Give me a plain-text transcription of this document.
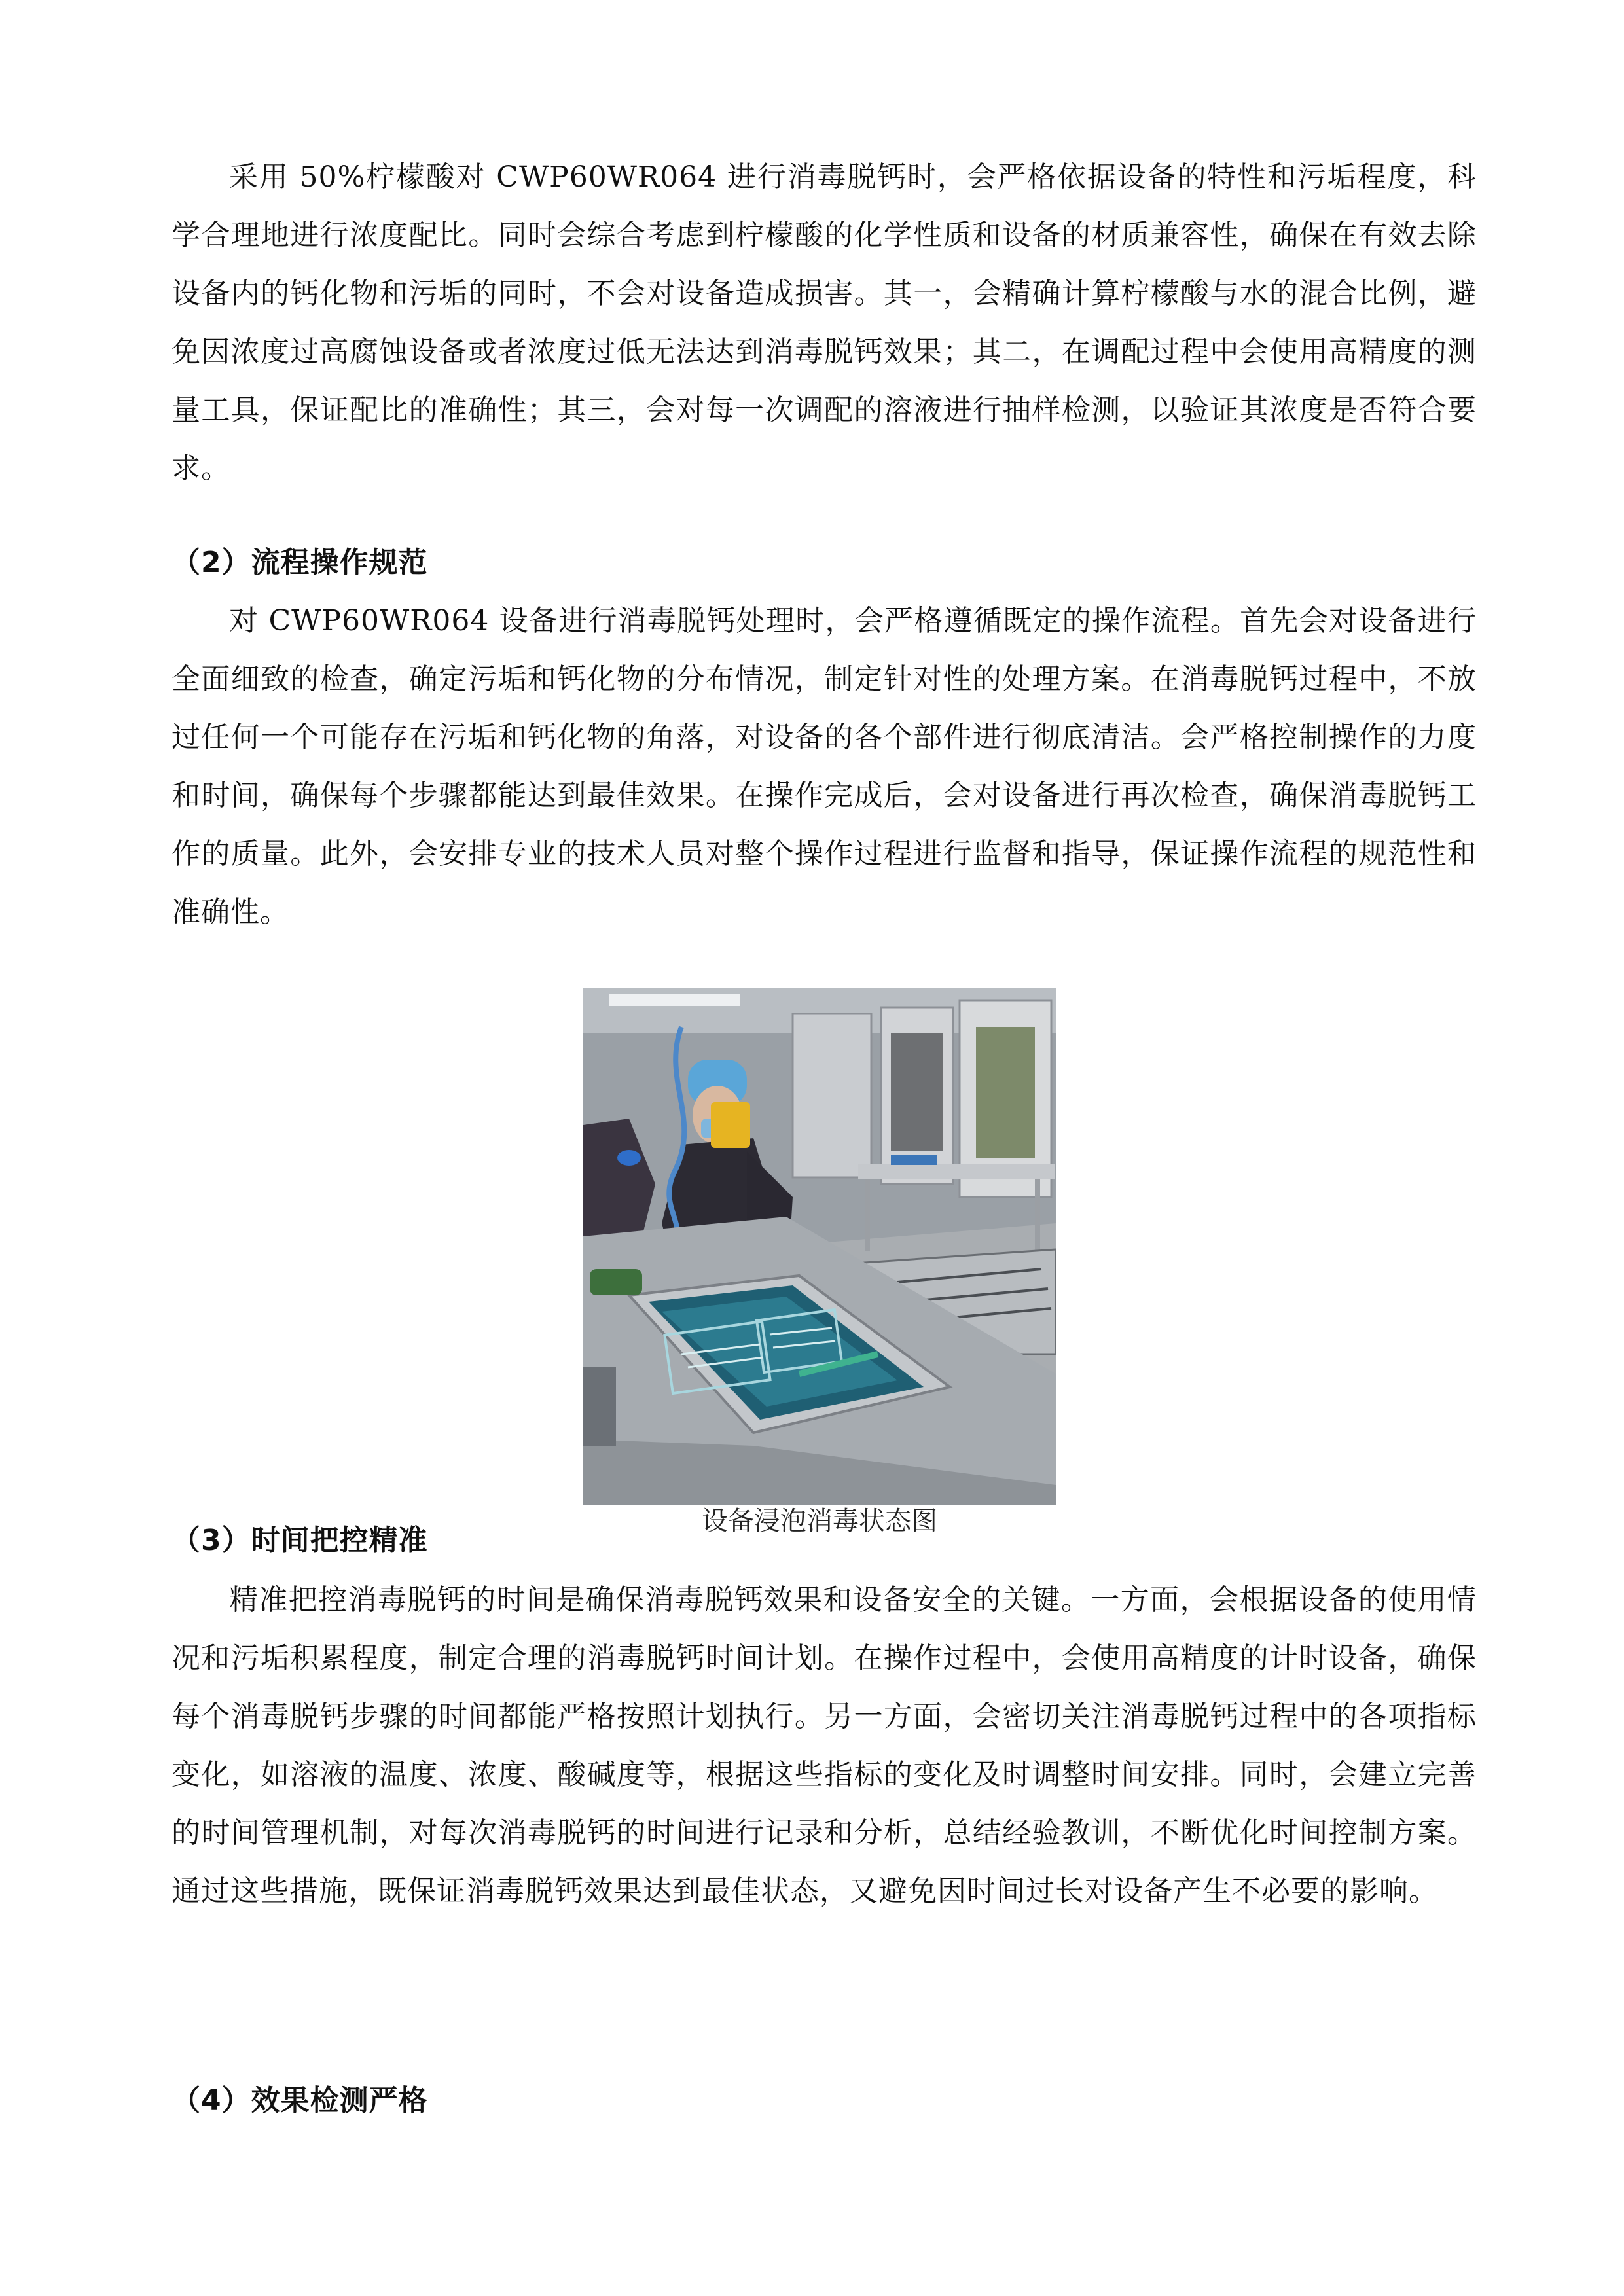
采用 50%柠檬酸对 CWP60WR064 进行消毒脱钙时，会严格依据设备的特性和污垢程度，科学合理地进行浓度配比。同时会综合考虑到柠檬酸的化学性质和设备的材质兼容性，确保在有效去除设备内的钙化物和污垢的同时，不会对设备造成损害。其一，会精确计算柠檬酸与水的混合比例，避免因浓度过高腐蚀设备或者浓度过低无法达到消毒脱钙效果；其二，在调配过程中会使用高精度的测量工具，保证配比的准确性；其三，会对每一次调配的溶液进行抽样检测，以验证其浓度是否符合要求。

（2）流程操作规范

对 CWP60WR064 设备进行消毒脱钙处理时，会严格遵循既定的操作流程。首先会对设备进行全面细致的检查，确定污垢和钙化物的分布情况，制定针对性的处理方案。在消毒脱钙过程中，不放过任何一个可能存在污垢和钙化物的角落，对设备的各个部件进行彻底清洁。会严格控制操作的力度和时间，确保每个步骤都能达到最佳效果。在操作完成后，会对设备进行再次检查，确保消毒脱钙工作的质量。此外，会安排专业的技术人员对整个操作过程进行监督和指导，保证操作流程的规范性和准确性。

设备浸泡消毒状态图

（3）时间把控精准

精准把控消毒脱钙的时间是确保消毒脱钙效果和设备安全的关键。一方面，会根据设备的使用情况和污垢积累程度，制定合理的消毒脱钙时间计划。在操作过程中，会使用高精度的计时设备，确保每个消毒脱钙步骤的时间都能严格按照计划执行。另一方面，会密切关注消毒脱钙过程中的各项指标变化，如溶液的温度、浓度、酸碱度等，根据这些指标的变化及时调整时间安排。同时，会建立完善的时间管理机制，对每次消毒脱钙的时间进行记录和分析，总结经验教训，不断优化时间控制方案。通过这些措施，既保证消毒脱钙效果达到最佳状态，又避免因时间过长对设备产生不必要的影响。

（4）效果检测严格
